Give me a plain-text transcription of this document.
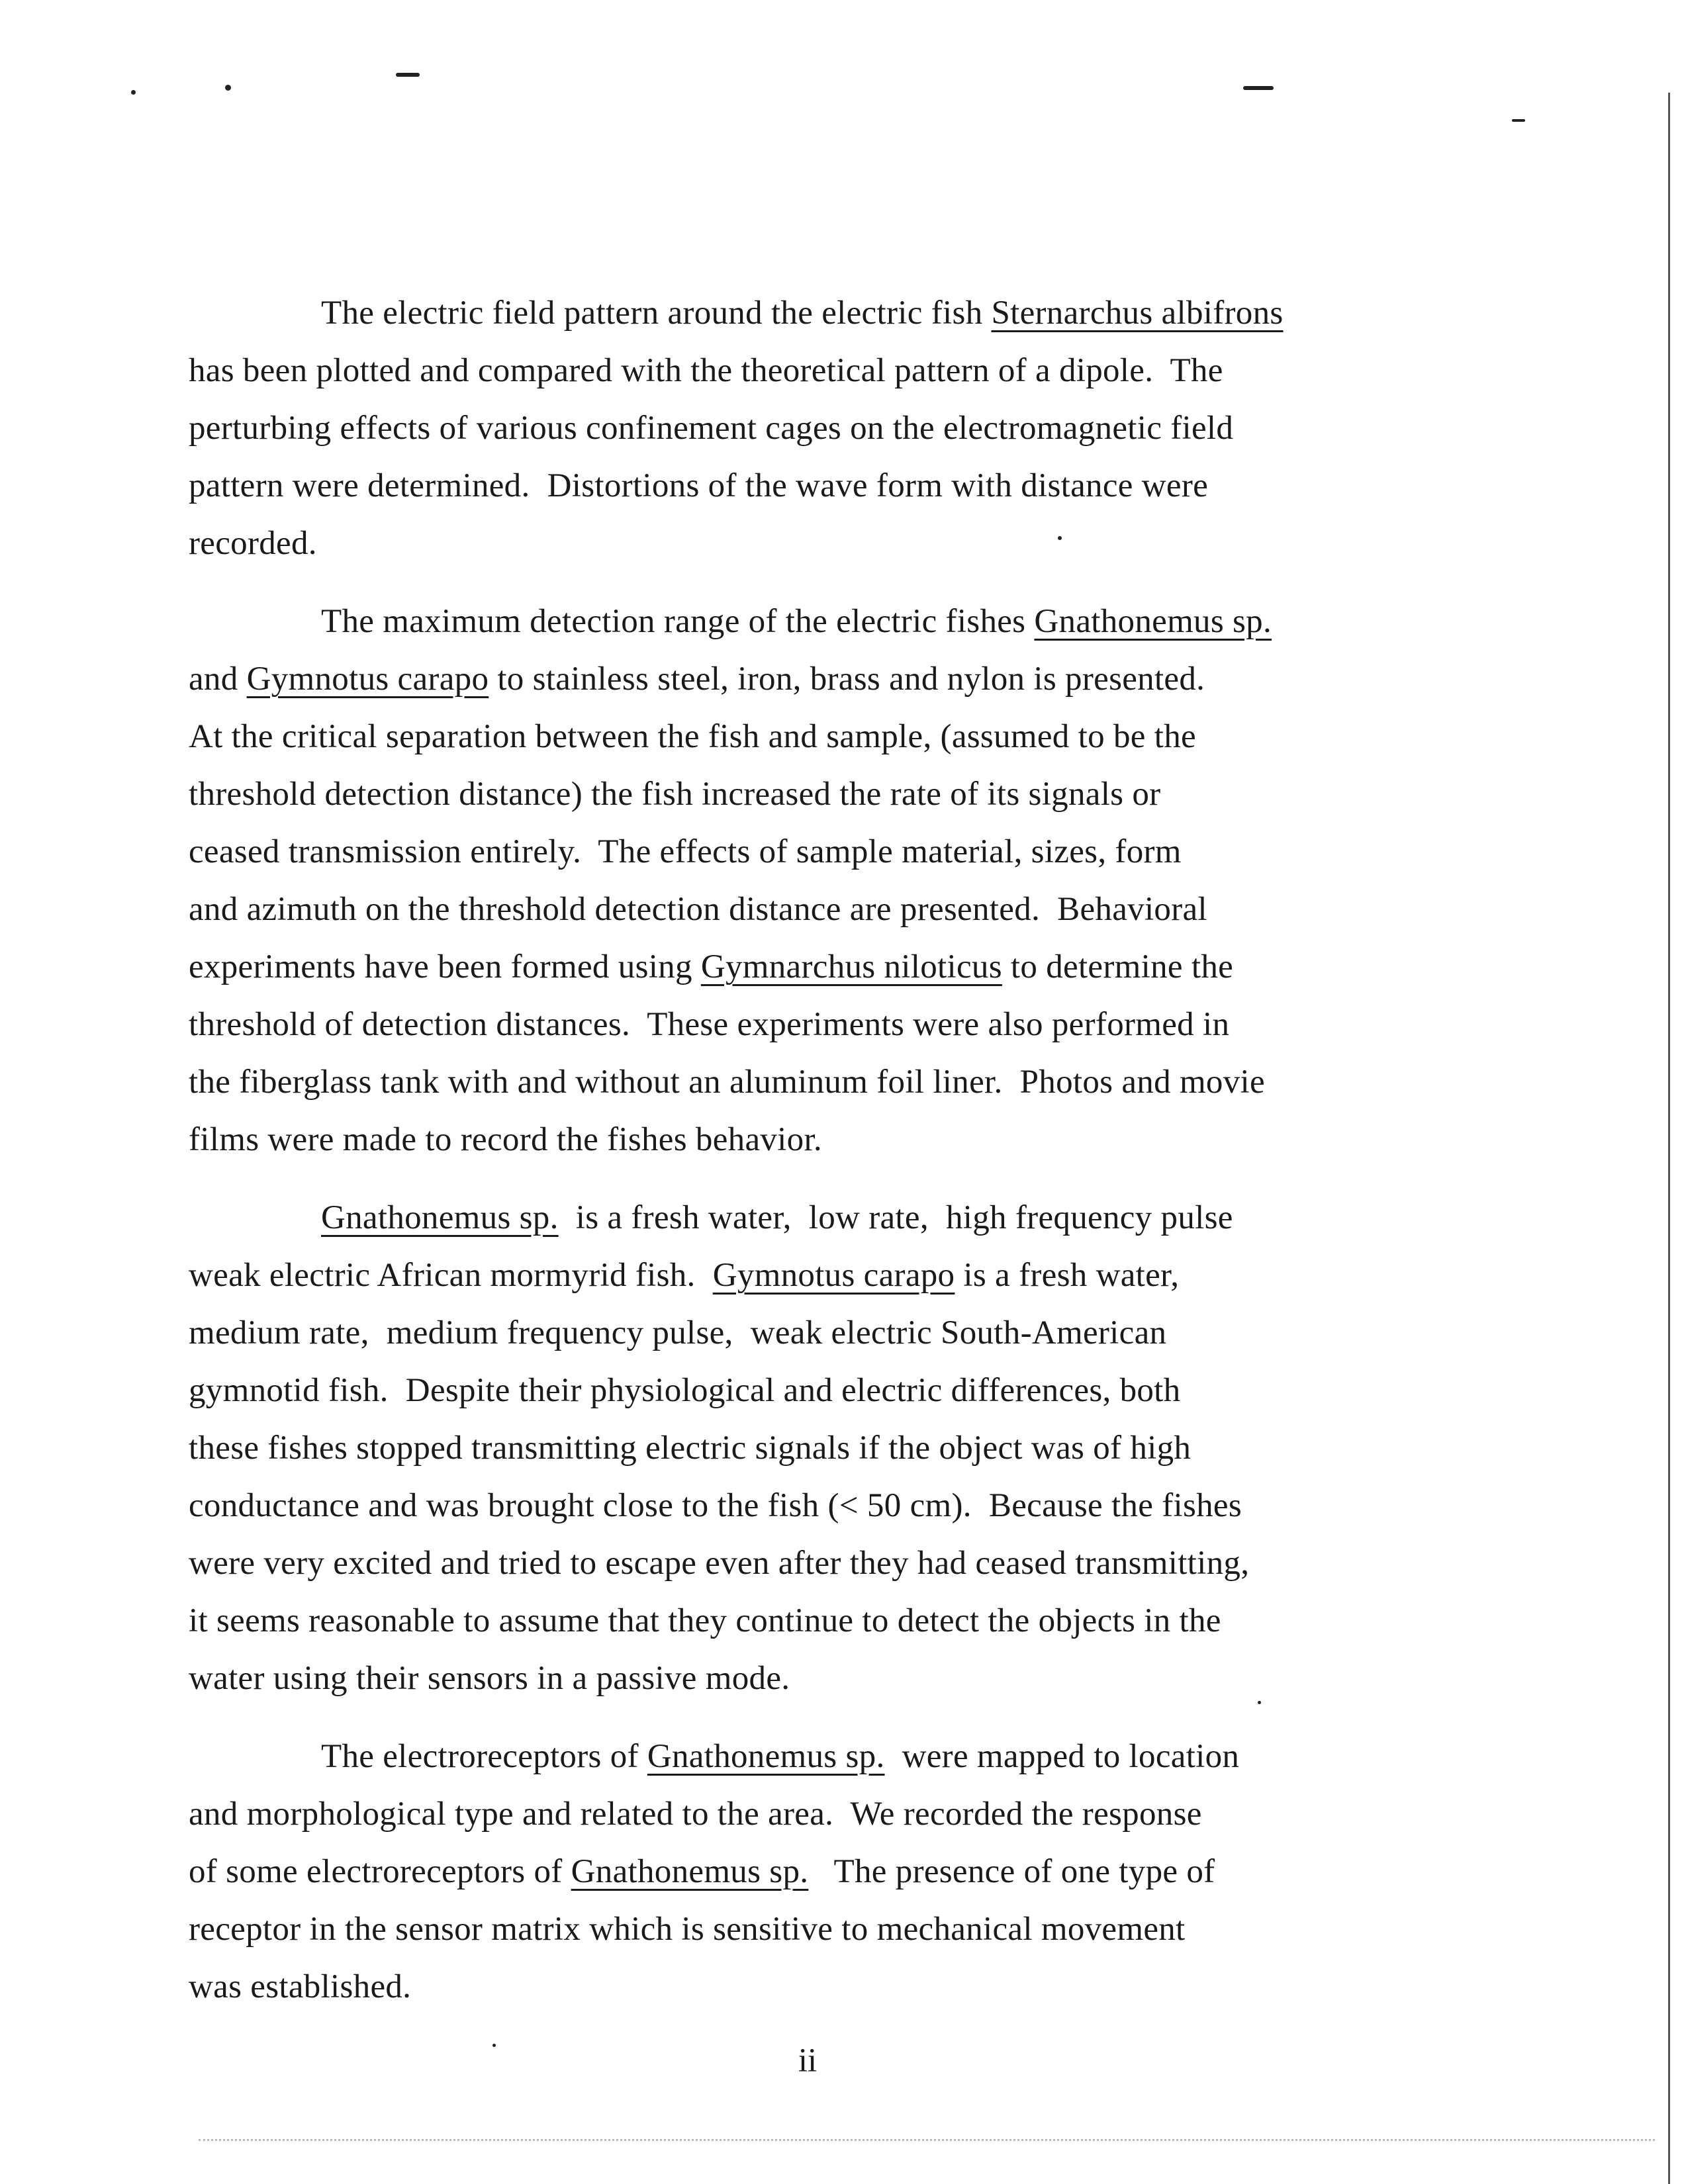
The electric field pattern around the electric fish Sternarchus albifrons
has been plotted and compared with the theoretical pattern of a dipole.  The
perturbing effects of various confinement cages on the electromagnetic field
pattern were determined.  Distortions of the wave form with distance were
recorded.
The maximum detection range of the electric fishes Gnathonemus sp.
and Gymnotus carapo to stainless steel, iron, brass and nylon is presented.
At the critical separation between the fish and sample, (assumed to be the
threshold detection distance) the fish increased the rate of its signals or
ceased transmission entirely.  The effects of sample material, sizes, form
and azimuth on the threshold detection distance are presented.  Behavioral
experiments have been formed using Gymnarchus niloticus to determine the
threshold of detection distances.  These experiments were also performed in
the fiberglass tank with and without an aluminum foil liner.  Photos and movie
films were made to record the fishes behavior.
Gnathonemus sp.  is a fresh water,  low rate,  high frequency pulse
weak electric African mormyrid fish.  Gymnotus carapo is a fresh water,
medium rate,  medium frequency pulse,  weak electric South-American
gymnotid fish.  Despite their physiological and electric differences, both
these fishes stopped transmitting electric signals if the object was of high
conductance and was brought close to the fish (< 50 cm).  Because the fishes
were very excited and tried to escape even after they had ceased transmitting,
it seems reasonable to assume that they continue to detect the objects in the
water using their sensors in a passive mode.
The electroreceptors of Gnathonemus sp.  were mapped to location
and morphological type and related to the area.  We recorded the response
of some electroreceptors of Gnathonemus sp.   The presence of one type of
receptor in the sensor matrix which is sensitive to mechanical movement
was established.
ii
